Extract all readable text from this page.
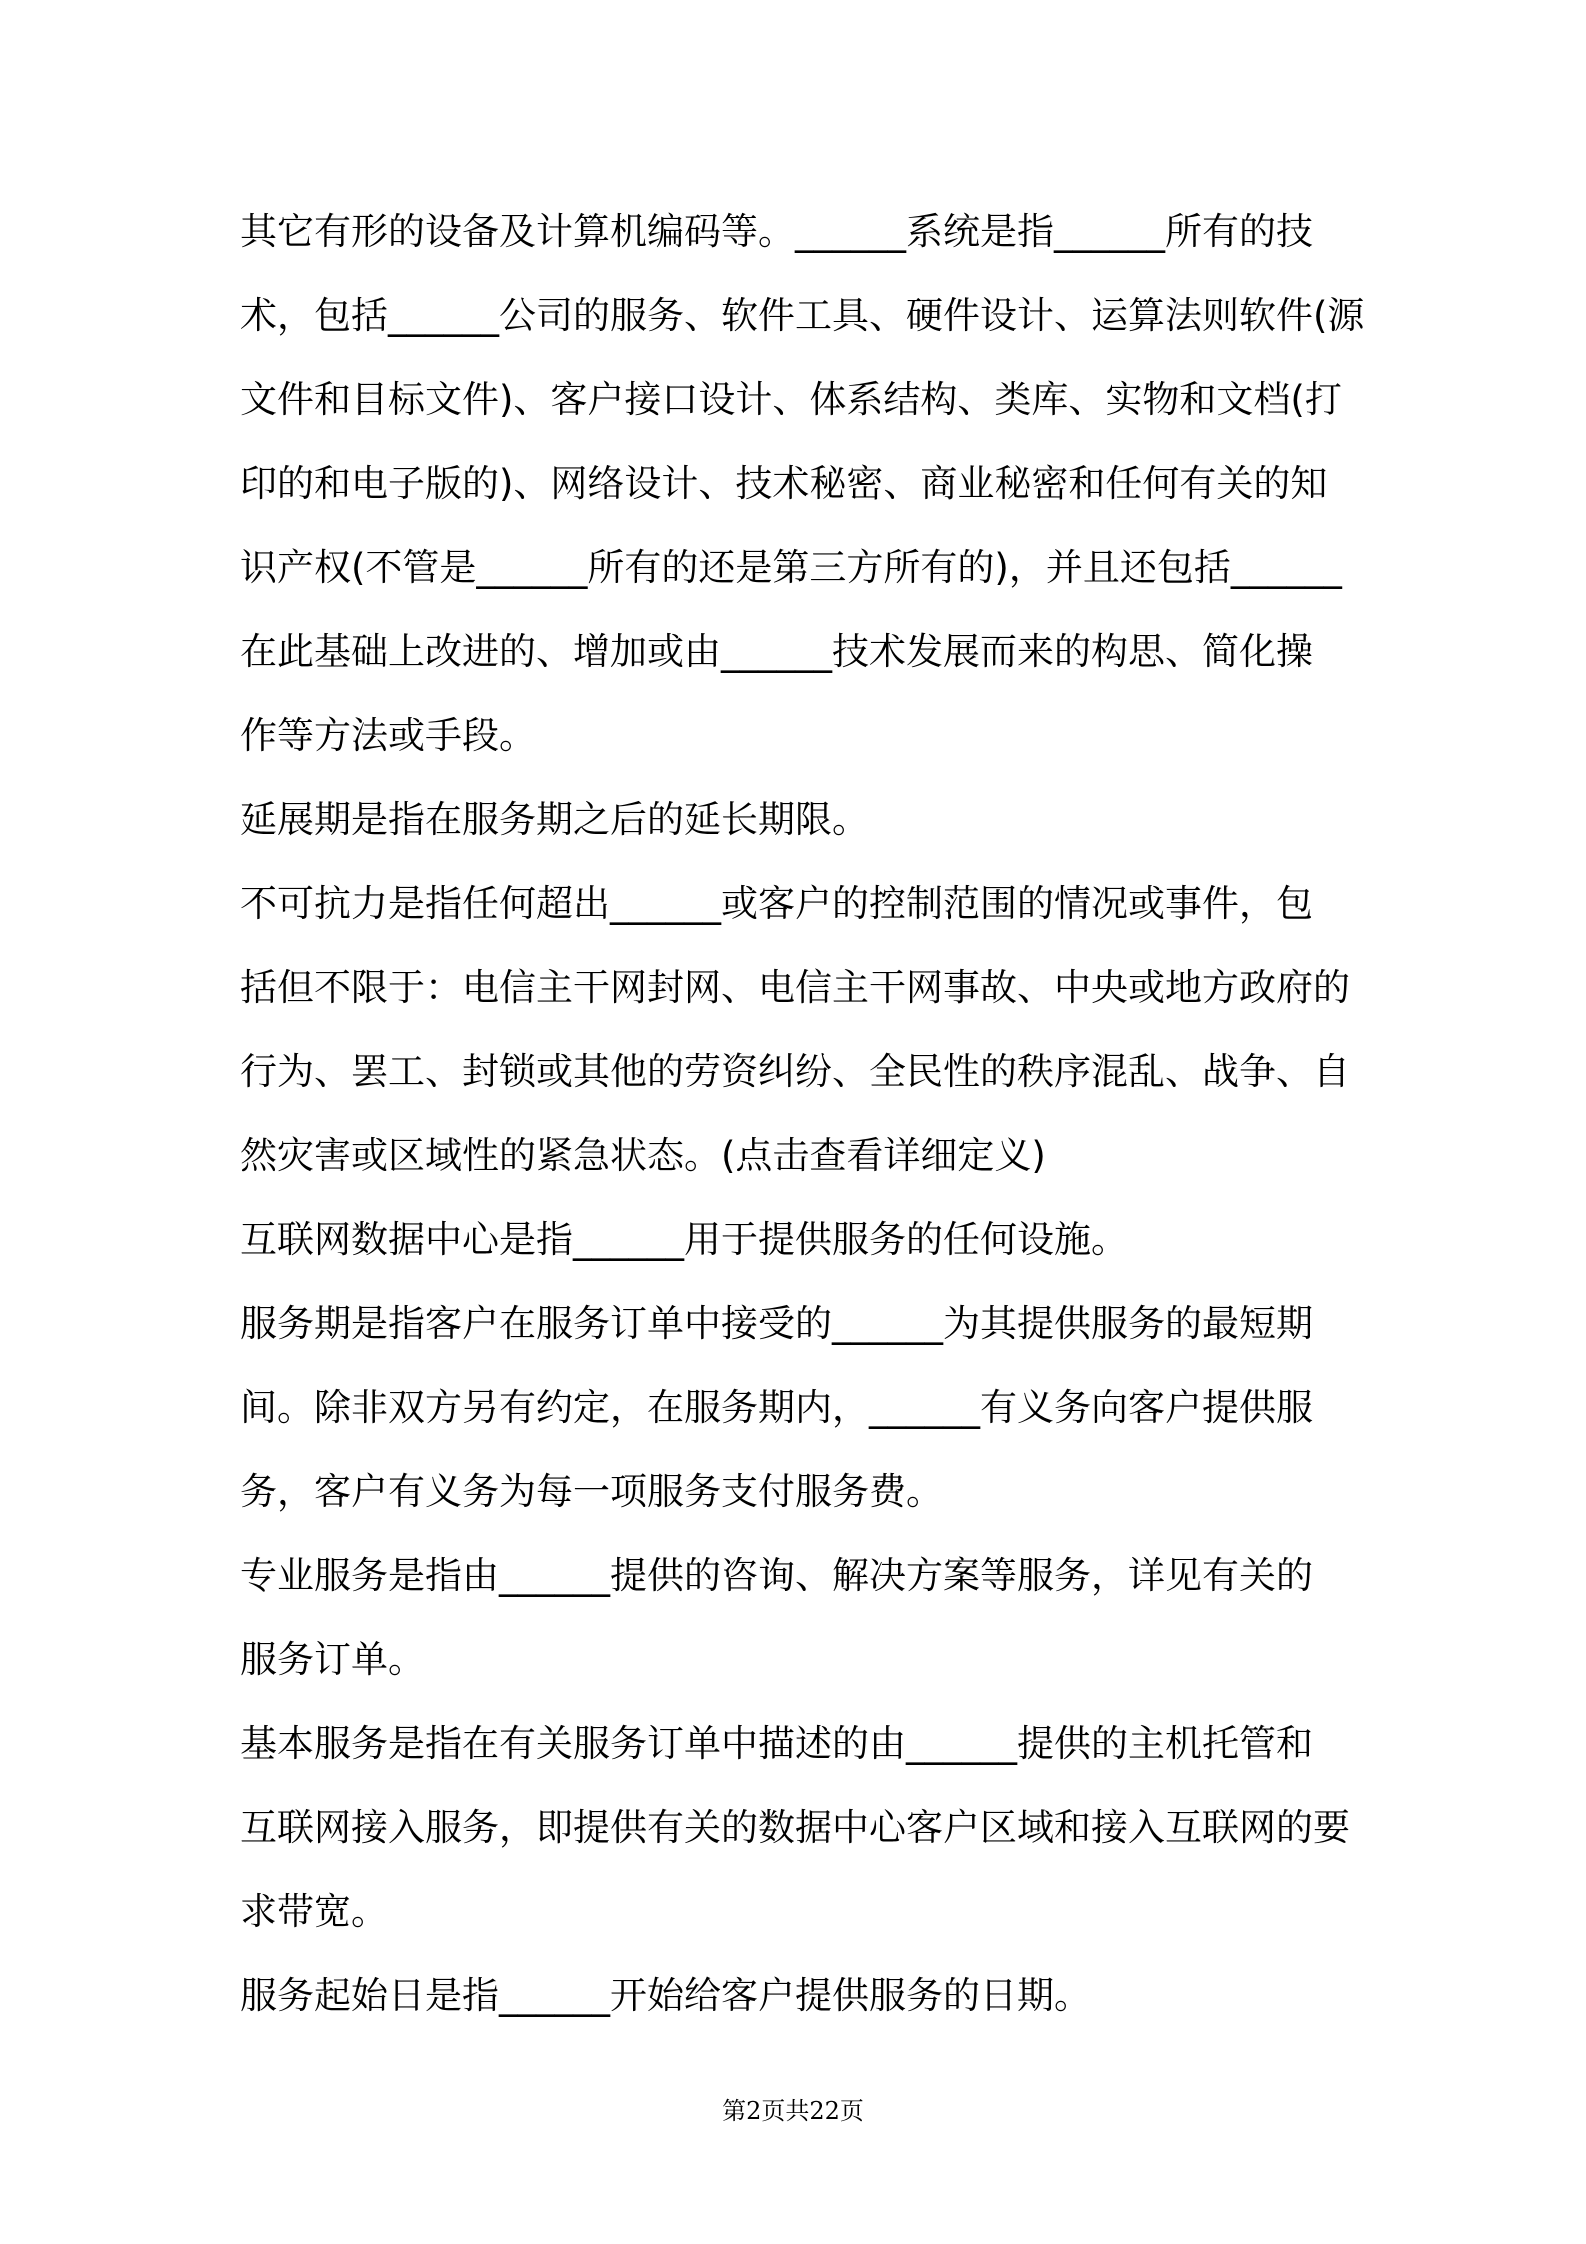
其它有形的设备及计算机编码等。______系统是指______所有的技
术，包括______公司的服务、软件工具、硬件设计、运算法则软件(源
文件和目标文件)、客户接口设计、体系结构、类库、实物和文档(打
印的和电子版的)、网络设计、技术秘密、商业秘密和任何有关的知
识产权(不管是______所有的还是第三方所有的)，并且还包括______
在此基础上改进的、增加或由______技术发展而来的构思、简化操
作等方法或手段。
延展期是指在服务期之后的延长期限。
不可抗力是指任何超出______或客户的控制范围的情况或事件，包
括但不限于：电信主干网封网、电信主干网事故、中央或地方政府的
行为、罢工、封锁或其他的劳资纠纷、全民性的秩序混乱、战争、自
然灾害或区域性的紧急状态。(点击查看详细定义)
互联网数据中心是指______用于提供服务的任何设施。
服务期是指客户在服务订单中接受的______为其提供服务的最短期
间。除非双方另有约定，在服务期内，______有义务向客户提供服
务，客户有义务为每一项服务支付服务费。
专业服务是指由______提供的咨询、解决方案等服务，详见有关的
服务订单。
基本服务是指在有关服务订单中描述的由______提供的主机托管和
互联网接入服务，即提供有关的数据中心客户区域和接入互联网的要
求带宽。
服务起始日是指______开始给客户提供服务的日期。
第2页共22页
